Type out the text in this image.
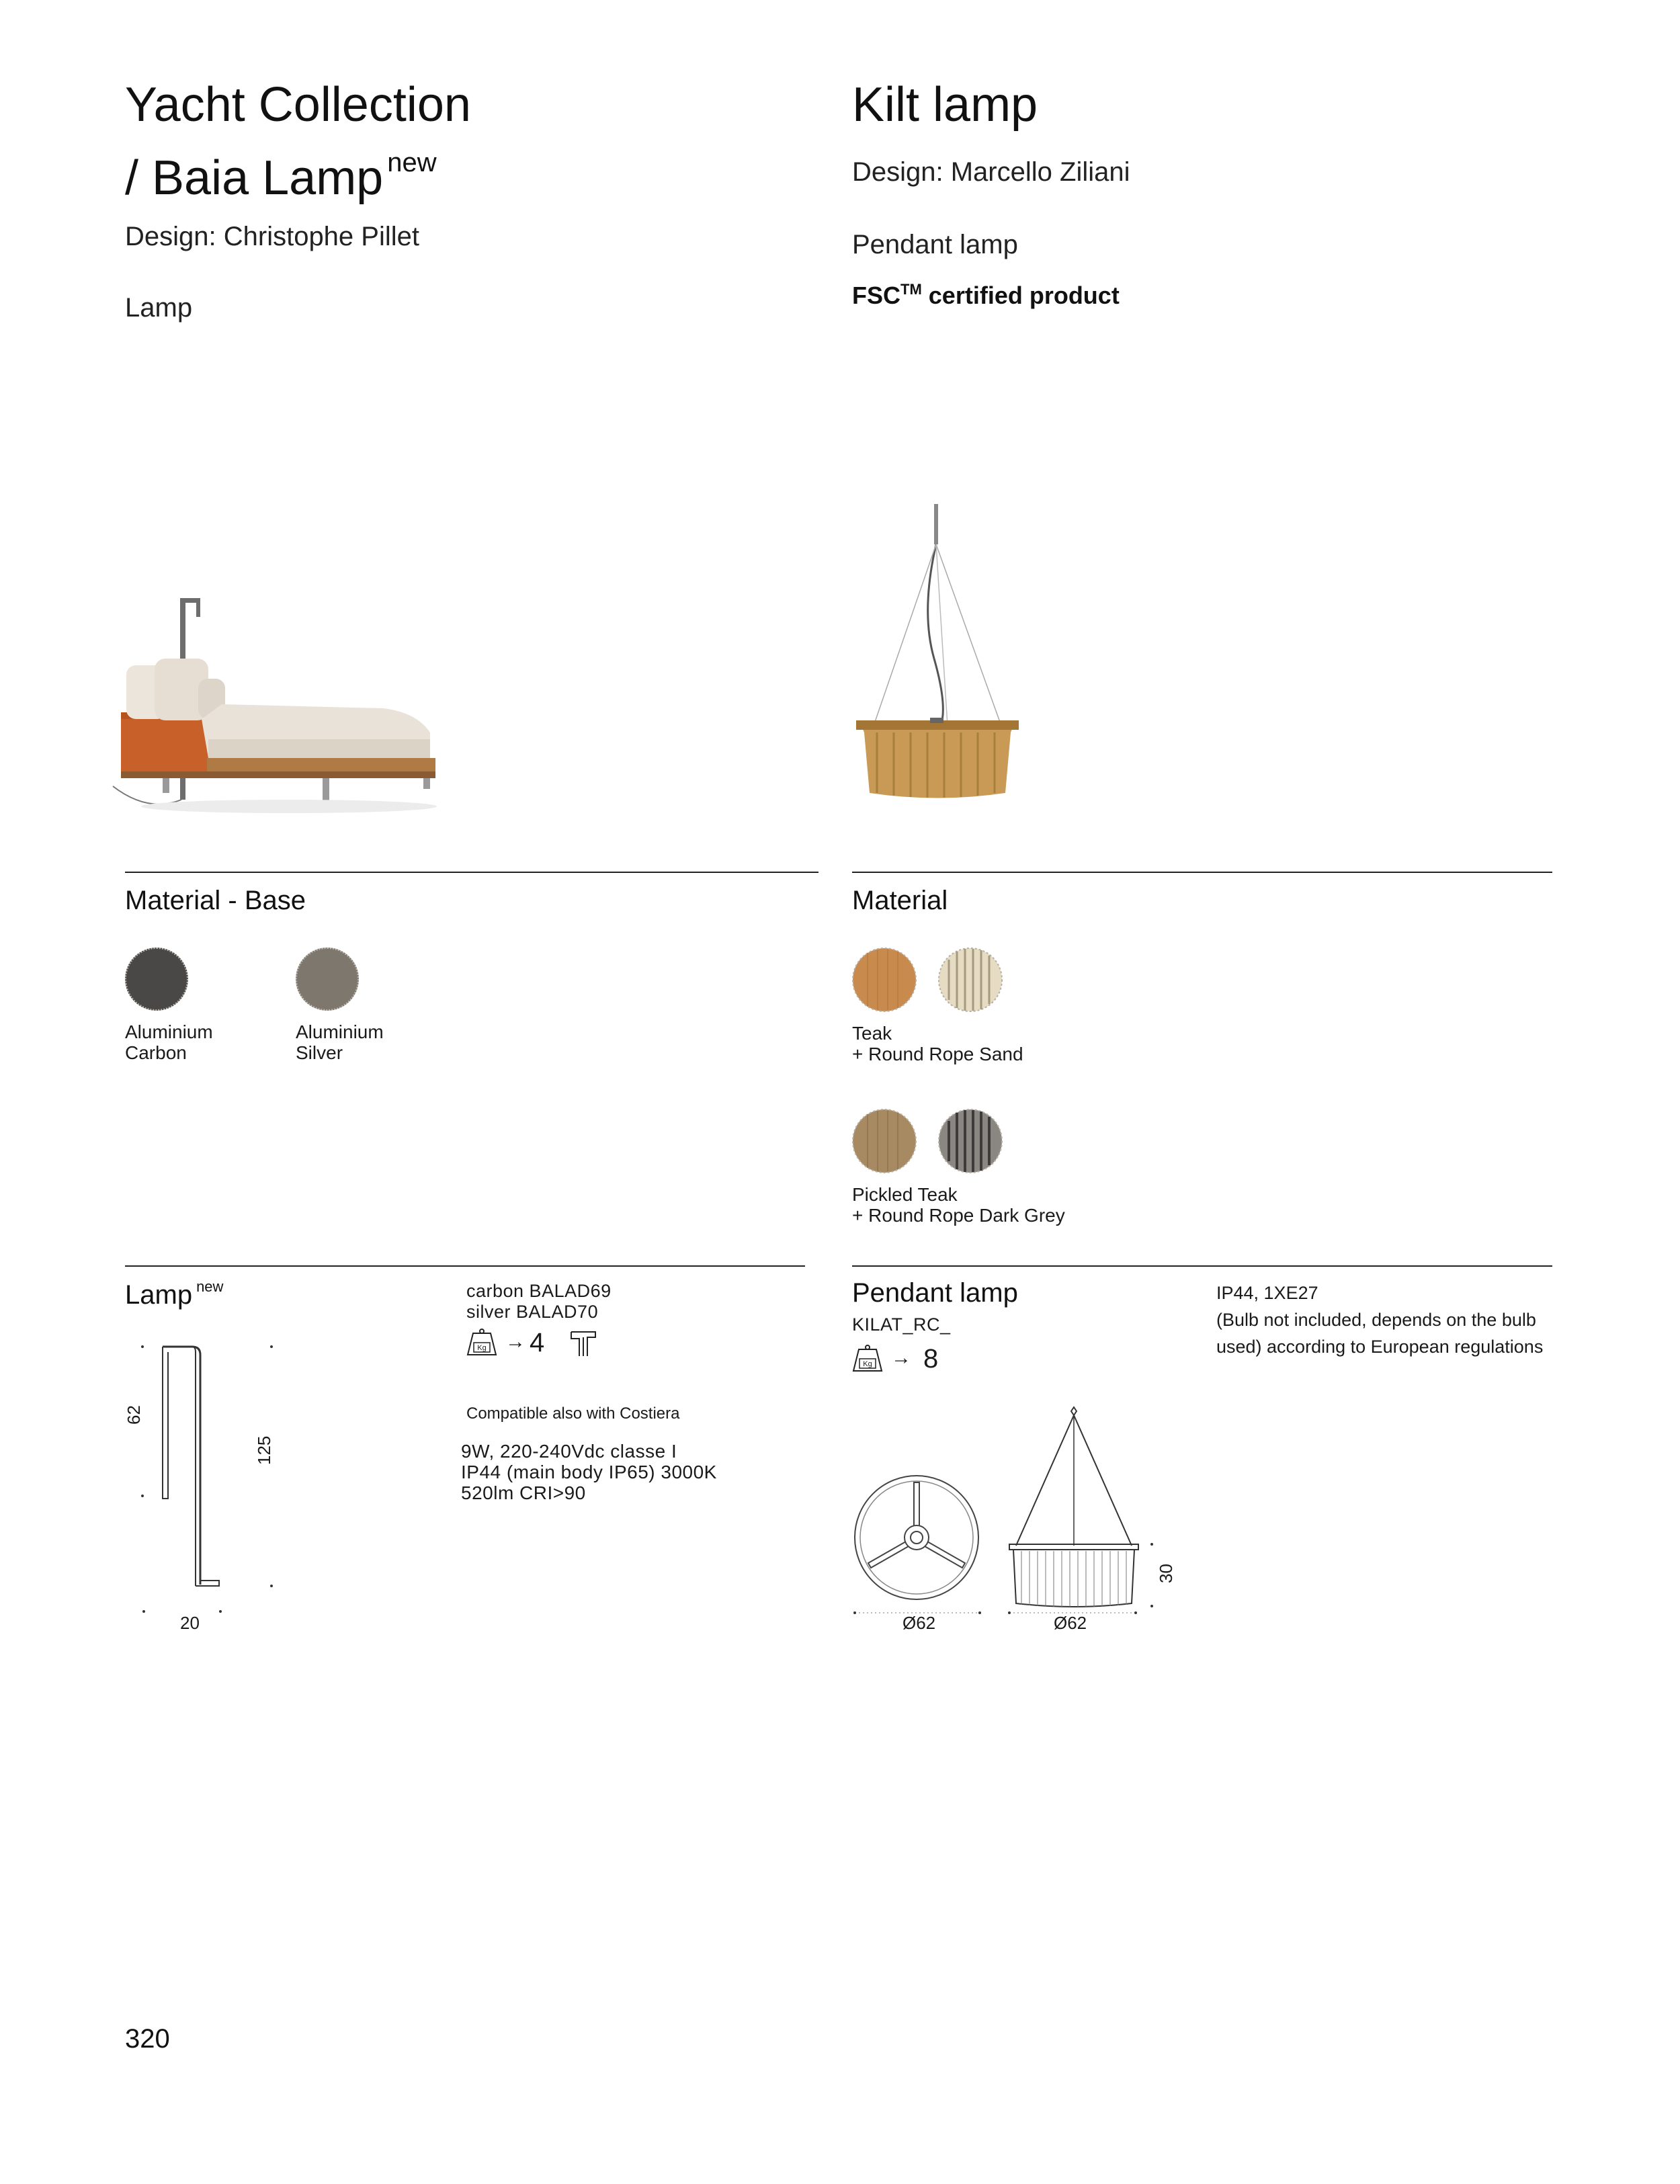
Yacht Collection
/ Baia Lamp $^{new}$
Design: Christophe Pillet
Lamp
Kilt lamp
Design: Marcello Ziliani
Pendant lamp
FSC™ certified product
Material - Base	Material
Aluminium
Carbon
Aluminium
Silver
Teak
+ Round Rope Sand
Pickled Teak
+ Round Rope Dark Grey
Lamp $^{new}$	carbon BALAD69
silver BALAD70
Kg → 4
Compatible also with Costiera
9W, 220-240Vdc classe I
IP44 (main body IP65) 3000K
520lm CRI>90
62
125
20
Pendant lamp
KILAT_RC_
Kg → 8
IP44, 1XE27
(Bulb not included, depends on the bulb
used) according to European regulations
Ø62	Ø62
30
320
